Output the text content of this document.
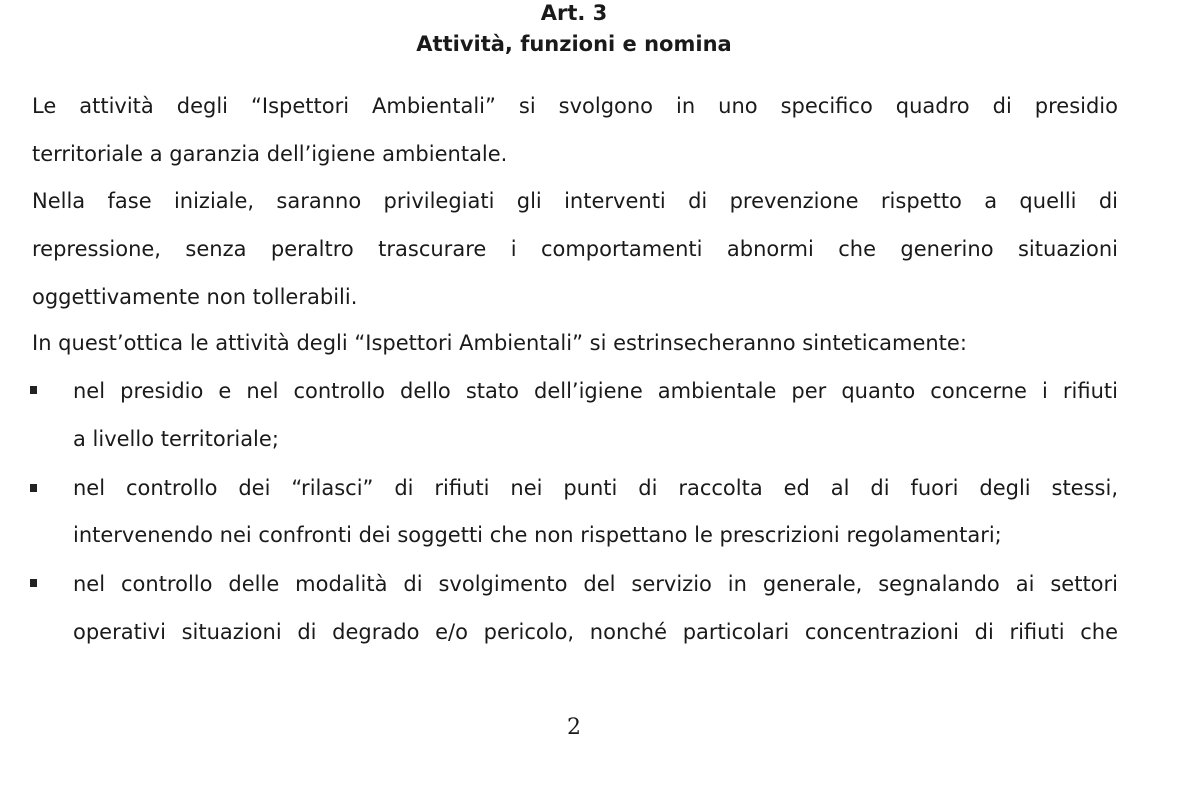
Art. 3
Attività, funzioni e nomina
Le attività degli “Ispettori Ambientali” si svolgono in uno specifico quadro di presidio
territoriale a garanzia dell’igiene ambientale.
Nella fase iniziale, saranno privilegiati gli interventi di prevenzione rispetto a quelli di
repressione, senza peraltro trascurare i comportamenti abnormi che generino situazioni
oggettivamente non tollerabili.
In quest’ottica le attività degli “Ispettori Ambientali” si estrinsecheranno sinteticamente:
nel presidio e nel controllo dello stato dell’igiene ambientale per quanto concerne i rifiuti
a livello territoriale;
nel controllo dei “rilasci” di rifiuti nei punti di raccolta ed al di fuori degli stessi,
intervenendo nei confronti dei soggetti che non rispettano le prescrizioni regolamentari;
nel controllo delle modalità di svolgimento del servizio in generale, segnalando ai settori
operativi situazioni di degrado e/o pericolo, nonché particolari concentrazioni di rifiuti che
2
